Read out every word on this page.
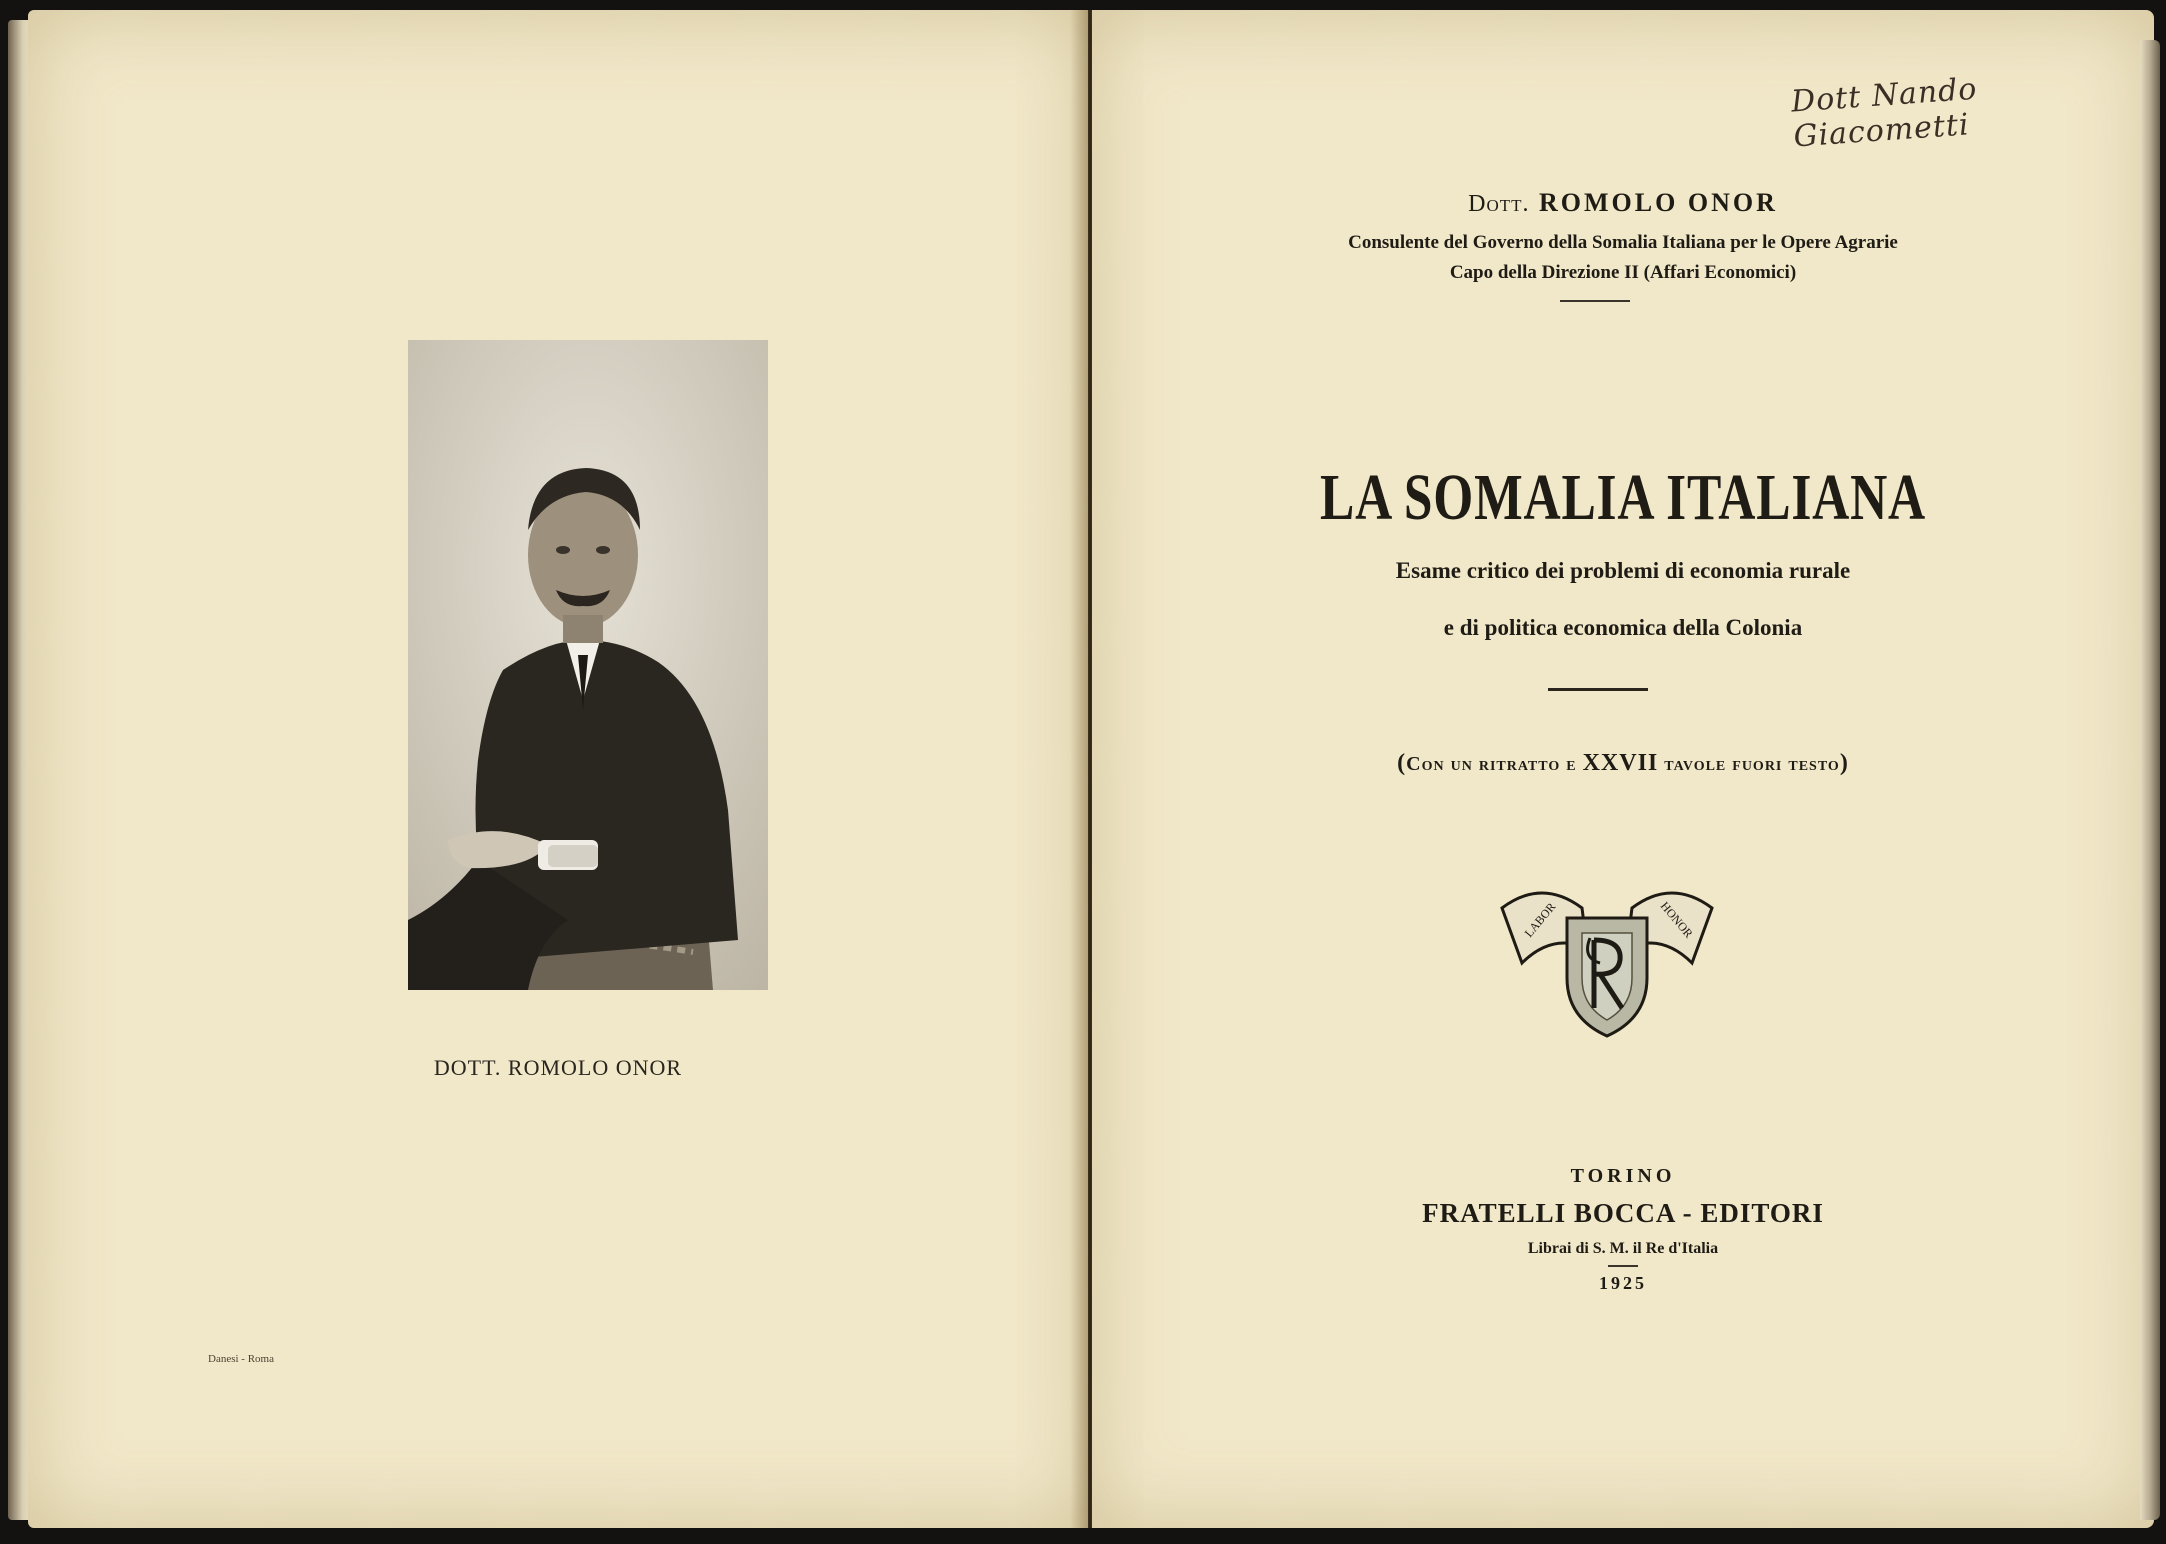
DOTT. ROMOLO ONOR
Danesi - Roma
Dott Nando Giacometti
Dott. ROMOLO ONOR
Consulente del Governo della Somalia Italiana per le Opere Agrarie
Capo della Direzione II (Affari Economici)
LA SOMALIA ITALIANA
Esame critico dei problemi di economia rurale
e di politica economica della Colonia
(Con un ritratto e XXVII tavole fuori testo)
LABOR	HONOR
TORINO
FRATELLI BOCCA - EDITORI
Librai di S. M. il Re d'Italia
1925
